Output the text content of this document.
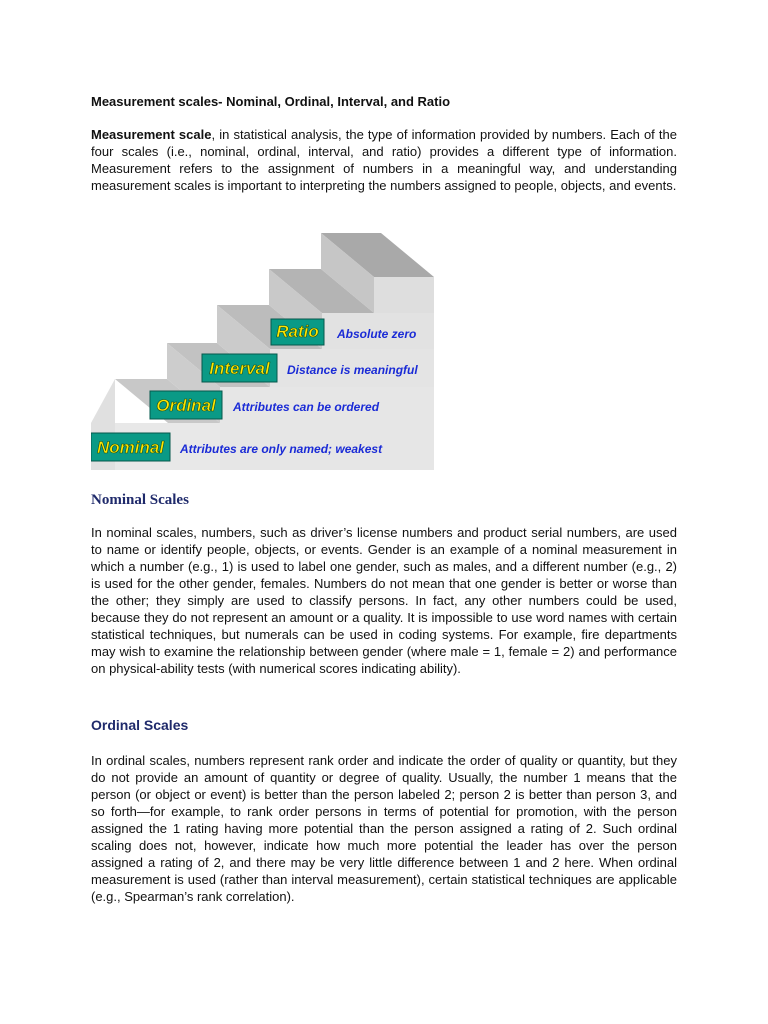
Measurement scales- Nominal, Ordinal, Interval, and Ratio

Measurement scale, in statistical analysis, the type of information provided by numbers. Each of the four scales (i.e., nominal, ordinal, interval, and ratio) provides a different type of information. Measurement refers to the assignment of numbers in a meaningful way, and understanding measurement scales is important to interpreting the numbers assigned to people, objects, and events.

Nominal Scales

In nominal scales, numbers, such as driver’s license numbers and product serial numbers, are used to name or identify people, objects, or events. Gender is an example of a nominal measurement in which a number (e.g., 1) is used to label one gender, such as males, and a different number (e.g., 2) is used for the other gender, females. Numbers do not mean that one gender is better or worse than the other; they simply are used to classify persons. In fact, any other numbers could be used, because they do not represent an amount or a quality. It is impossible to use word names with certain statistical techniques, but numerals can be used in coding systems. For example, fire departments may wish to examine the relationship between gender (where male = 1, female = 2) and performance on physical-ability tests (with numerical scores indicating ability).

Ordinal Scales

In ordinal scales, numbers represent rank order and indicate the order of quality or quantity, but they do not provide an amount of quantity or degree of quality. Usually, the number 1 means that the person (or object or event) is better than the person labeled 2; person 2 is better than person 3, and so forth—for example, to rank order persons in terms of potential for promotion, with the person assigned the 1 rating having more potential than the person assigned a rating of 2. Such ordinal scaling does not, however, indicate how much more potential the leader has over the person assigned a rating of 2, and there may be very little difference between 1 and 2 here. When ordinal measurement is used (rather than interval measurement), certain statistical techniques are applicable (e.g., Spearman’s rank correlation).

Nominal Attributes are only named; weakest
Ordinal Attributes can be ordered
Interval Distance is meaningful
Ratio Absolute zero
